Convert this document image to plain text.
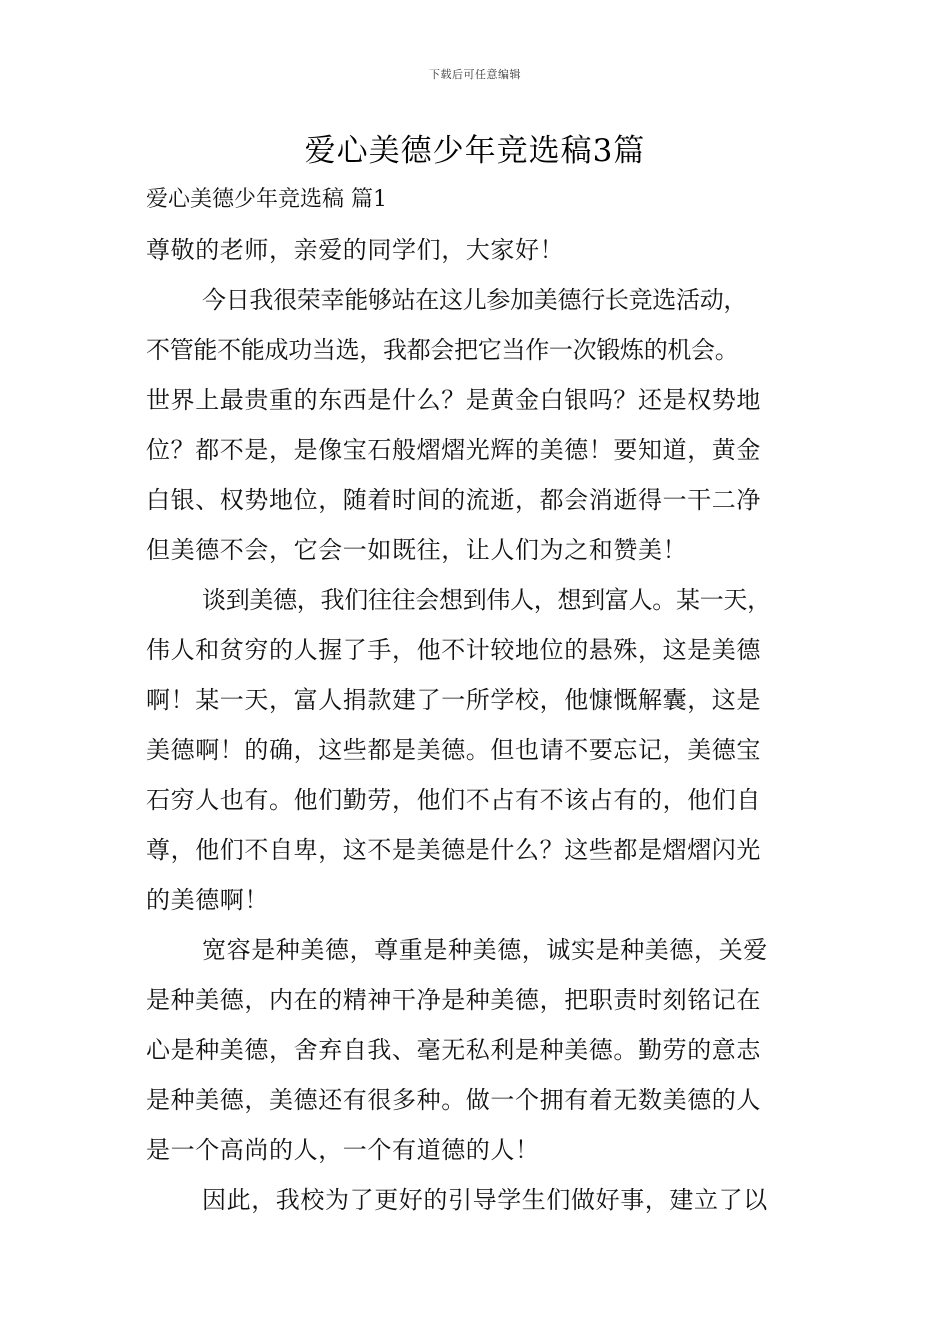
下载后可任意编辑
爱心美德少年竞选稿3篇
爱心美德少年竞选稿 篇1
尊敬的老师，亲爱的同学们，大家好！
今日我很荣幸能够站在这儿参加美德行长竞选活动，
不管能不能成功当选，我都会把它当作一次锻炼的机会。
世界上最贵重的东西是什么？是黄金白银吗？还是权势地
位？都不是，是像宝石般熠熠光辉的美德！要知道，黄金
白银、权势地位，随着时间的流逝，都会消逝得一干二净
但美德不会，它会一如既往，让人们为之和赞美！
谈到美德，我们往往会想到伟人，想到富人。某一天，
伟人和贫穷的人握了手，他不计较地位的悬殊，这是美德
啊！某一天，富人捐款建了一所学校，他慷慨解囊，这是
美德啊！的确，这些都是美德。但也请不要忘记，美德宝
石穷人也有。他们勤劳，他们不占有不该占有的，他们自
尊，他们不自卑，这不是美德是什么？这些都是熠熠闪光
的美德啊！
宽容是种美德，尊重是种美德，诚实是种美德，关爱
是种美德，内在的精神干净是种美德，把职责时刻铭记在
心是种美德，舍弃自我、毫无私利是种美德。勤劳的意志
是种美德，美德还有很多种。做一个拥有着无数美德的人
是一个高尚的人，一个有道德的人！
因此，我校为了更好的引导学生们做好事，建立了以
